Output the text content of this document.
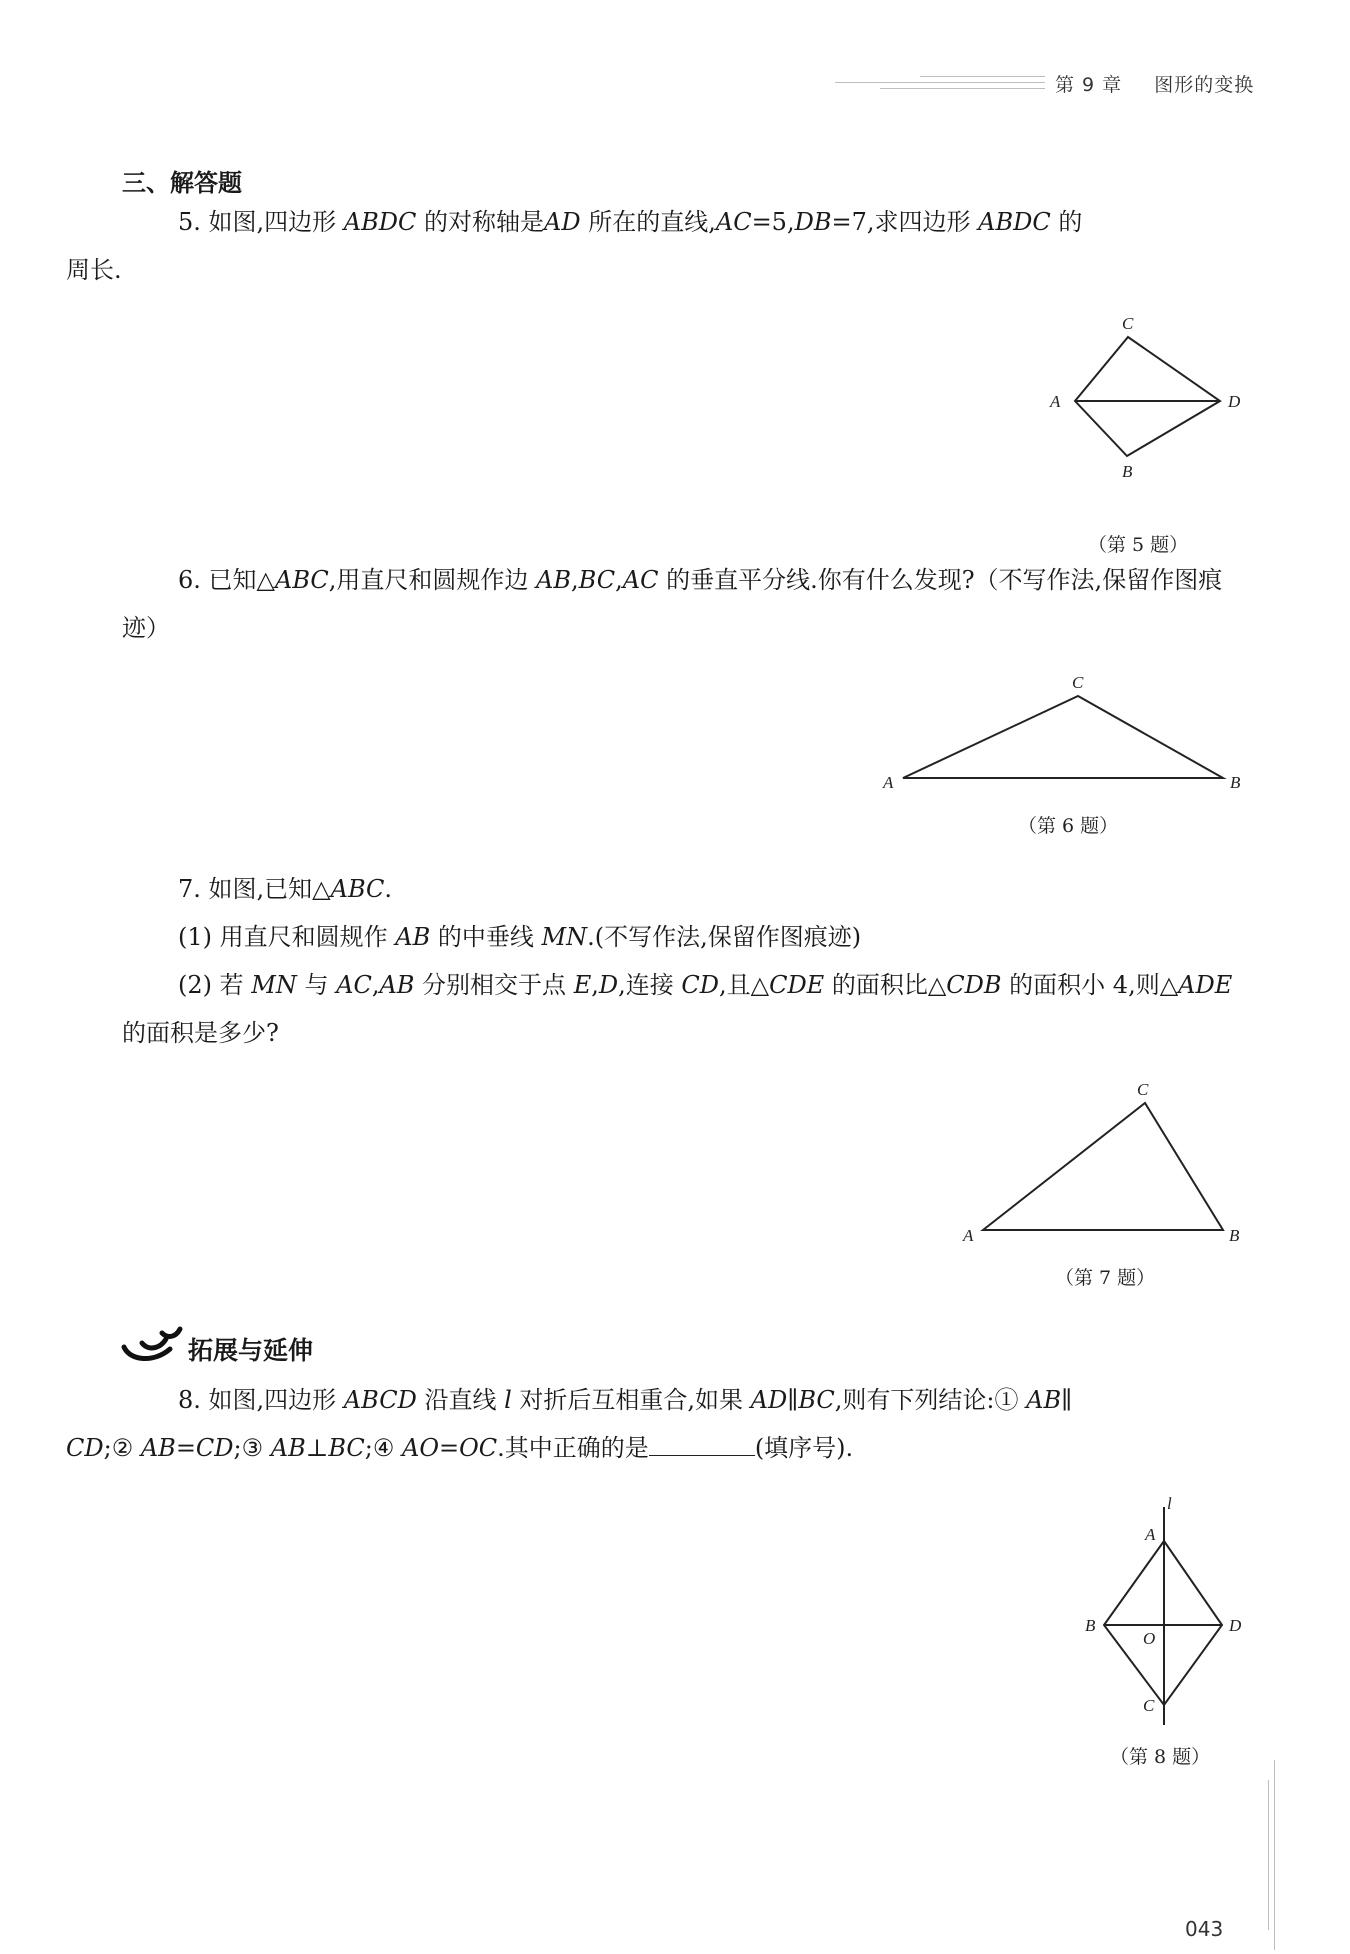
第 9 章 图形的变换
三、解答题
5. 如图,四边形 ABDC 的对称轴是AD 所在的直线,AC=5,DB=7,求四边形 ABDC 的
周长.
C
A	D
B
（第 5 题）
6. 已知△ABC,用直尺和圆规作边 AB,BC,AC 的垂直平分线.你有什么发现?（不写作法,保留作图痕迹）
C
A	B
（第 6 题）
7. 如图,已知△ABC.
(1) 用直尺和圆规作 AB 的中垂线 MN.(不写作法,保留作图痕迹)
(2) 若 MN 与 AC,AB 分别相交于点 E,D,连接 CD,且△CDE 的面积比△CDB 的面积小 4,则△ADE 的面积是多少?
C
A	B
（第 7 题）
拓展与延伸
8. 如图,四边形 ABCD 沿直线 l 对折后互相重合,如果 AD∥BC,则有下列结论:① AB∥
CD;② AB=CD;③ AB⊥BC;④ AO=OC.其中正确的是	(填序号).
l
A
B
O
D
C
（第 8 题）
043
